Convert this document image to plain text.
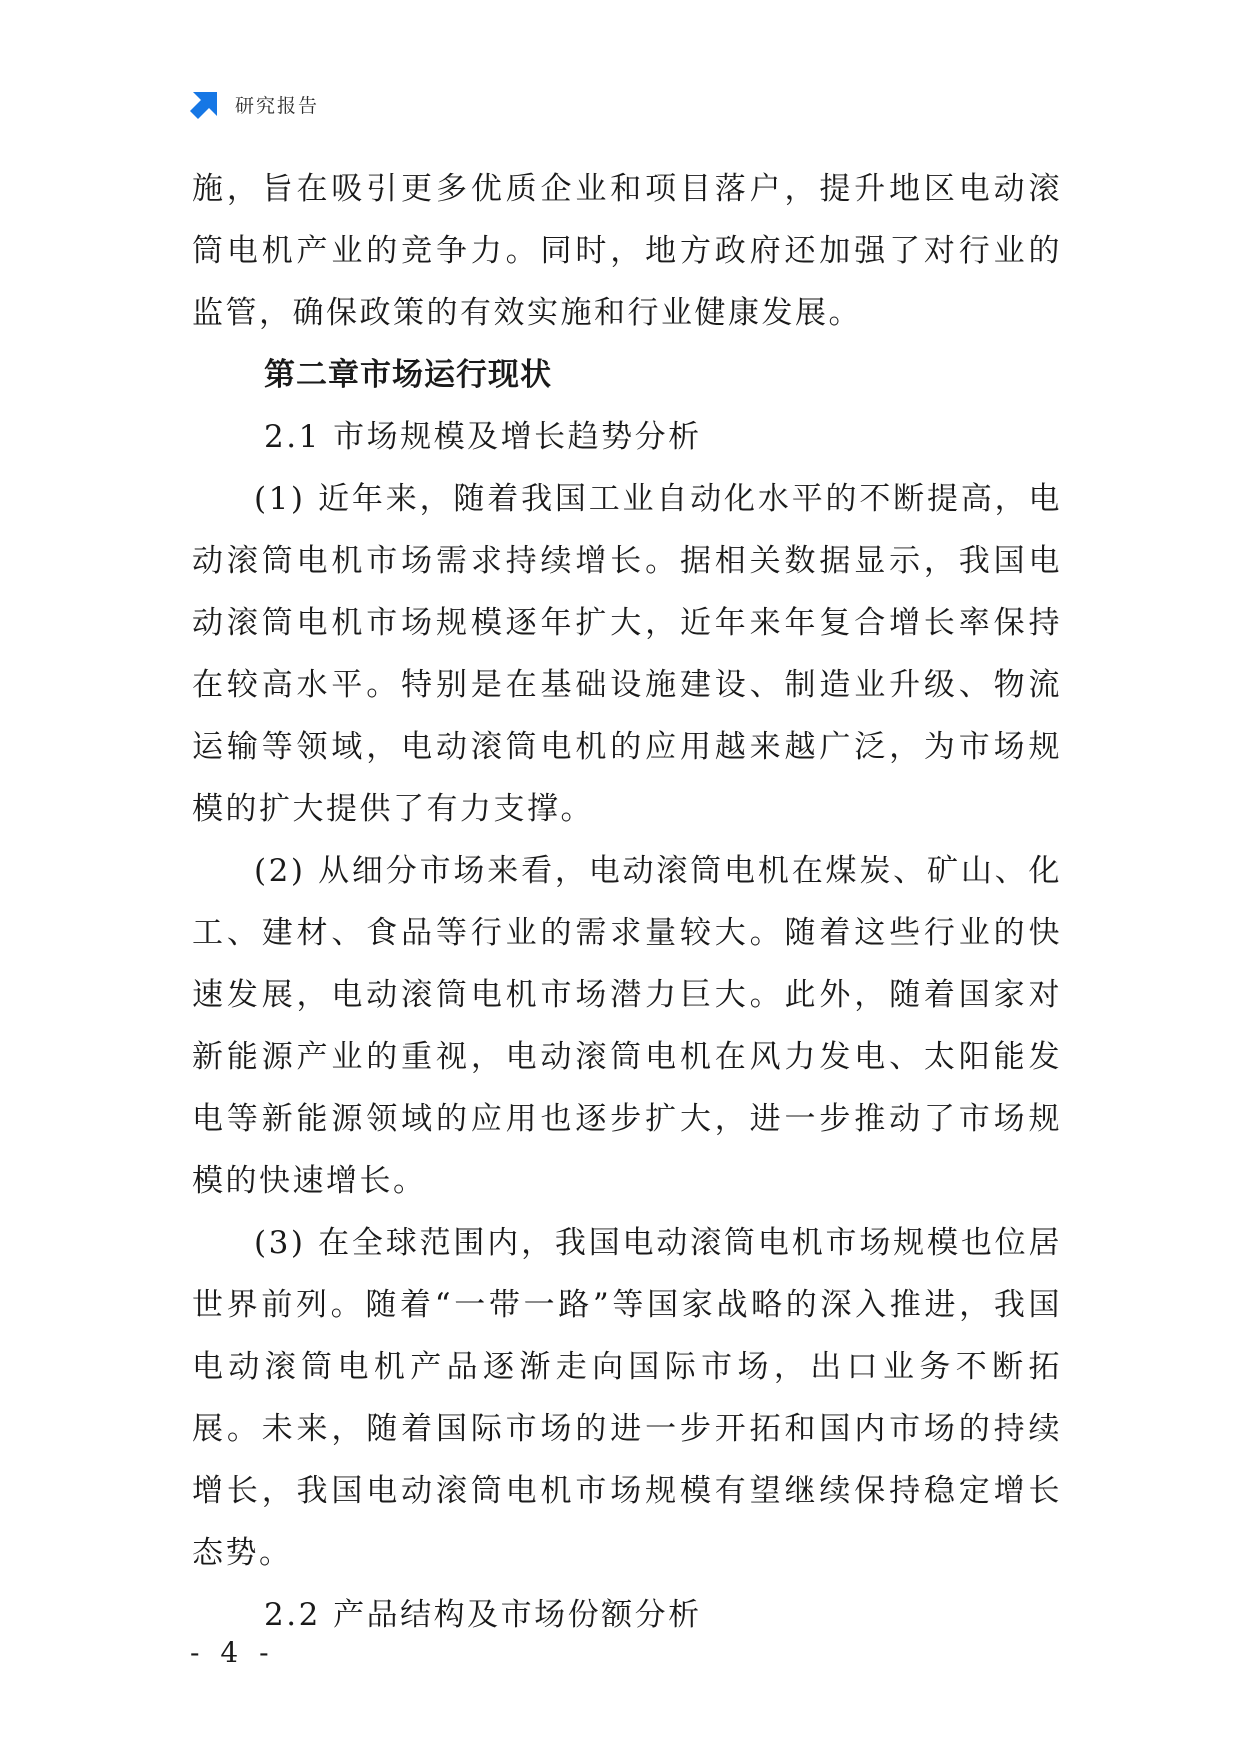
研究报告

施，旨在吸引更多优质企业和项目落户，提升地区电动滚筒电机产业的竞争力。同时，地方政府还加强了对行业的监管，确保政策的有效实施和行业健康发展。

第二章市场运行现状

2.1 市场规模及增长趋势分析

(1) 近年来，随着我国工业自动化水平的不断提高，电动滚筒电机市场需求持续增长。据相关数据显示，我国电动滚筒电机市场规模逐年扩大，近年来年复合增长率保持在较高水平。特别是在基础设施建设、制造业升级、物流运输等领域，电动滚筒电机的应用越来越广泛，为市场规模的扩大提供了有力支撑。

(2) 从细分市场来看，电动滚筒电机在煤炭、矿山、化工、建材、食品等行业的需求量较大。随着这些行业的快速发展，电动滚筒电机市场潜力巨大。此外，随着国家对新能源产业的重视，电动滚筒电机在风力发电、太阳能发电等新能源领域的应用也逐步扩大，进一步推动了市场规模的快速增长。

(3) 在全球范围内，我国电动滚筒电机市场规模也位居世界前列。随着“一带一路”等国家战略的深入推进，我国电动滚筒电机产品逐渐走向国际市场，出口业务不断拓展。未来，随着国际市场的进一步开拓和国内市场的持续增长，我国电动滚筒电机市场规模有望继续保持稳定增长态势。

2.2 产品结构及市场份额分析

- 4 -
